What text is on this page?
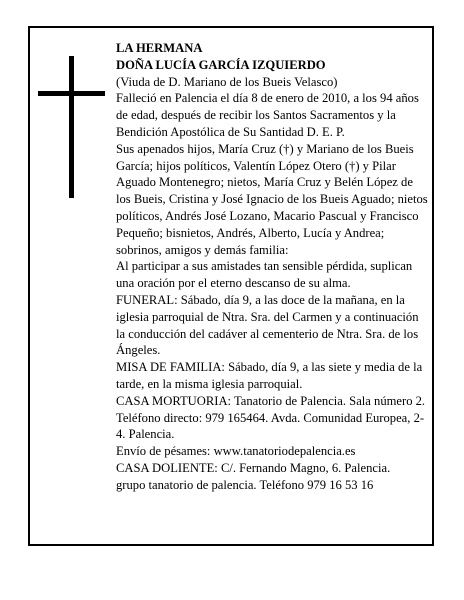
LA HERMANA

DOÑA LUCÍA GARCÍA IZQUIERDO

(Viuda de D. Mariano de los Bueis Velasco)

Falleció en Palencia el día 8 de enero de 2010, a los 94 años de edad, después de recibir los Santos Sacramentos y la Bendición Apostólica de Su Santidad D. E. P.

Sus apenados hijos, María Cruz (†) y Mariano de los Bueis García; hijos políticos, Valentín López Otero (†) y Pilar Aguado Montenegro; nietos, María Cruz y Belén López de los Bueis, Cristina y José Ignacio de los Bueis Aguado; nietos políticos, Andrés José Lozano, Macario Pascual y Francisco Pequeño; bisnietos, Andrés, Alberto, Lucía y Andrea; sobrinos, amigos y demás familia:

Al participar a sus amistades tan sensible pérdida, suplican una oración por el eterno descanso de su alma.

FUNERAL: Sábado, día 9, a las doce de la mañana, en la iglesia parroquial de Ntra. Sra. del Carmen y a continuación la conducción del cadáver al cementerio de Ntra. Sra. de los Ángeles.

MISA DE FAMILIA: Sábado, día 9, a las siete y media de la tarde, en la misma iglesia parroquial.

CASA MORTUORIA: Tanatorio de Palencia. Sala número 2. Teléfono directo: 979 165464. Avda. Comunidad Europea, 2-4. Palencia.

Envío de pésames: www.tanatoriodepalencia.es

CASA DOLIENTE: C/. Fernando Magno, 6. Palencia.

grupo tanatorio de palencia. Teléfono 979 16 53 16
